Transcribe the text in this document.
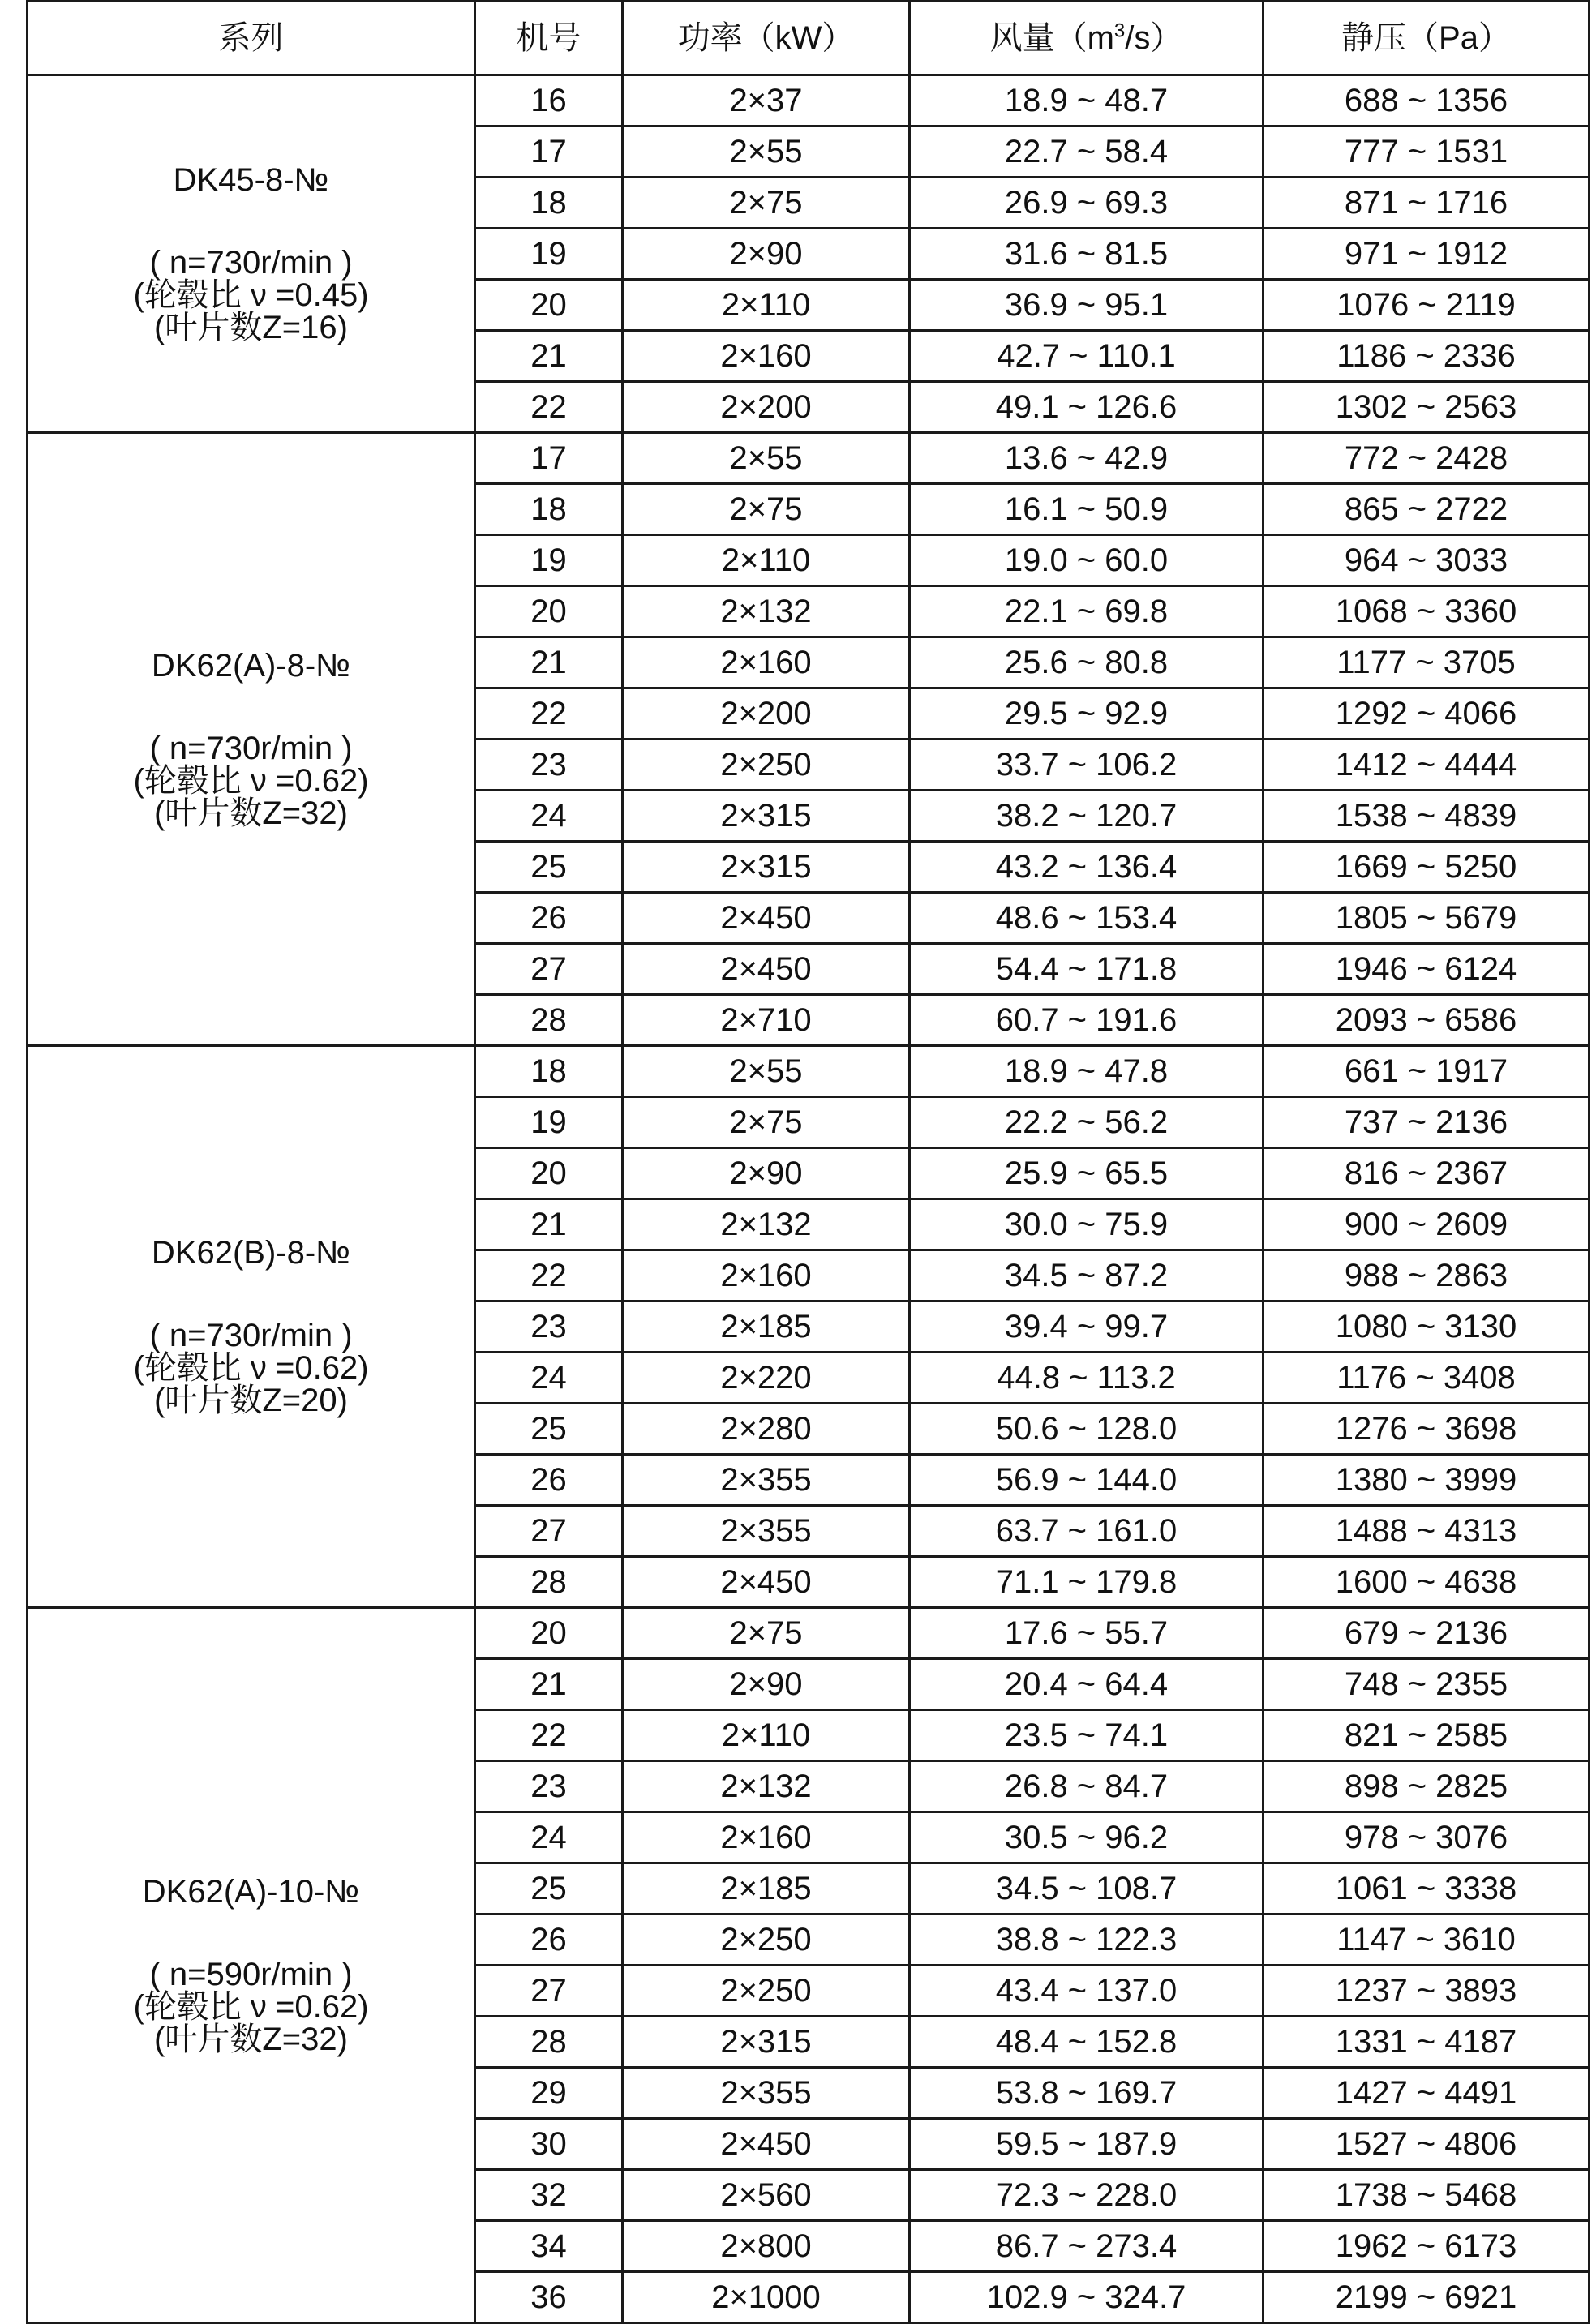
系列	机号	功率（kW）	风量$(m^3/s)$	静压（Pa）

DK45-8-№
( n=730r/min )
(轮毂比 ν =0.45)
(叶片数Z=16)	16	2×37	18.9 ~ 48.7	688 ~ 1356
	17	2×55	22.7 ~ 58.4	777 ~ 1531
	18	2×75	26.9 ~ 69.3	871 ~ 1716
	19	2×90	31.6 ~ 81.5	971 ~ 1912
	20	2×110	36.9 ~ 95.1	1076 ~ 2119
	21	2×160	42.7 ~ 110.1	1186 ~ 2336
	22	2×200	49.1 ~ 126.6	1302 ~ 2563

DK62(A)-8-№
( n=730r/min )
(轮毂比 ν =0.62)
(叶片数Z=32)	17	2×55	13.6 ~ 42.9	772 ~ 2428
	18	2×75	16.1 ~ 50.9	865 ~ 2722
	19	2×110	19.0 ~ 60.0	964 ~ 3033
	20	2×132	22.1 ~ 69.8	1068 ~ 3360
	21	2×160	25.6 ~ 80.8	1177 ~ 3705
	22	2×200	29.5 ~ 92.9	1292 ~ 4066
	23	2×250	33.7 ~ 106.2	1412 ~ 4444
	24	2×315	38.2 ~ 120.7	1538 ~ 4839
	25	2×315	43.2 ~ 136.4	1669 ~ 5250
	26	2×450	48.6 ~ 153.4	1805 ~ 5679
	27	2×450	54.4 ~ 171.8	1946 ~ 6124
	28	2×710	60.7 ~ 191.6	2093 ~ 6586

DK62(B)-8-№
( n=730r/min )
(轮毂比 ν =0.62)
(叶片数Z=20)	18	2×55	18.9 ~ 47.8	661 ~ 1917
	19	2×75	22.2 ~ 56.2	737 ~ 2136
	20	2×90	25.9 ~ 65.5	816 ~ 2367
	21	2×132	30.0 ~ 75.9	900 ~ 2609
	22	2×160	34.5 ~ 87.2	988 ~ 2863
	23	2×185	39.4 ~ 99.7	1080 ~ 3130
	24	2×220	44.8 ~ 113.2	1176 ~ 3408
	25	2×280	50.6 ~ 128.0	1276 ~ 3698
	26	2×355	56.9 ~ 144.0	1380 ~ 3999
	27	2×355	63.7 ~ 161.0	1488 ~ 4313
	28	2×450	71.1 ~ 179.8	1600 ~ 4638

DK62(A)-10-№
( n=590r/min )
(轮毂比 ν =0.62)
(叶片数Z=32)	20	2×75	17.6 ~ 55.7	679 ~ 2136
	21	2×90	20.4 ~ 64.4	748 ~ 2355
	22	2×110	23.5 ~ 74.1	821 ~ 2585
	23	2×132	26.8 ~ 84.7	898 ~ 2825
	24	2×160	30.5 ~ 96.2	978 ~ 3076
	25	2×185	34.5 ~ 108.7	1061 ~ 3338
	26	2×250	38.8 ~ 122.3	1147 ~ 3610
	27	2×250	43.4 ~ 137.0	1237 ~ 3893
	28	2×315	48.4 ~ 152.8	1331 ~ 4187
	29	2×355	53.8 ~ 169.7	1427 ~ 4491
	30	2×450	59.5 ~ 187.9	1527 ~ 4806
	32	2×560	72.3 ~ 228.0	1738 ~ 5468
	34	2×800	86.7 ~ 273.4	1962 ~ 6173
	36	2×1000	102.9 ~ 324.7	2199 ~ 6921
